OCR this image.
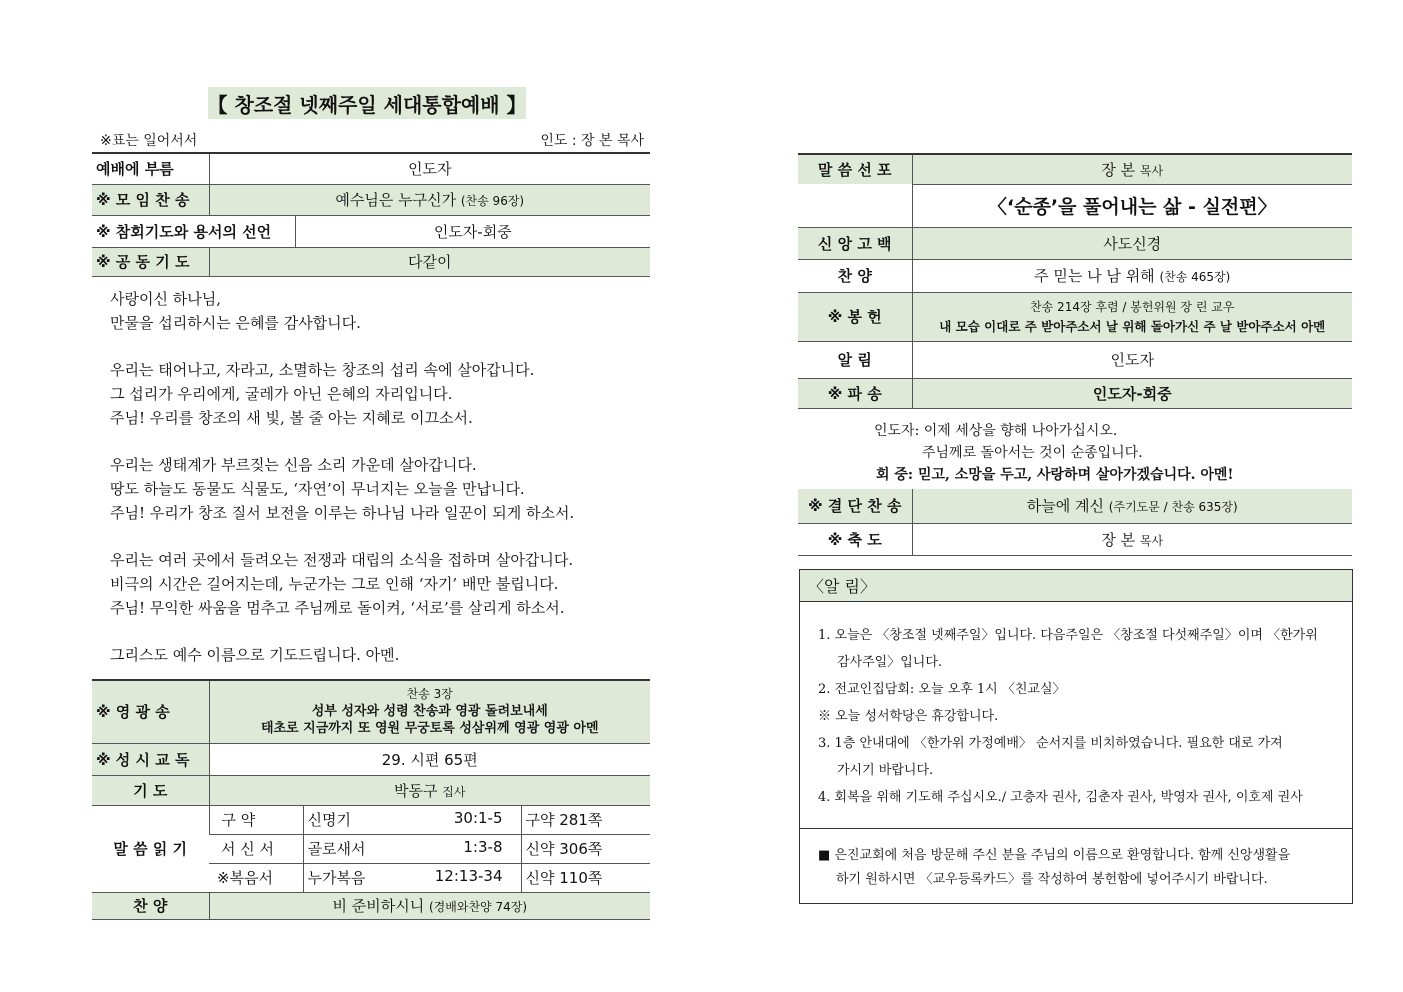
【 창조절 넷째주일 세대통합예배 】
※표는 일어서서	인도 : 장 본 목사
예배에 부름	인도자	
※ 모 임 찬 송	예수님은 누구신가 (찬송 96장)	
※ 참회기도와 용서의 선언		인도자-회중
※ 공 동 기 도	다같이	

사랑이신 하나님,

만물을 섭리하시는 은혜를 감사합니다.

우리는 태어나고, 자라고, 소멸하는 창조의 섭리 속에 살아갑니다.

그 섭리가 우리에게, 굴레가 아닌 은혜의 자리입니다.

주님! 우리를 창조의 새 빛, 볼 줄 아는 지혜로 이끄소서.

우리는 생태계가 부르짖는 신음 소리 가운데 살아갑니다.

땅도 하늘도 동물도 식물도, ‘자연’이 무너지는 오늘을 만납니다.

주님! 우리가 창조 질서 보전을 이루는 하나님 나라 일꾼이 되게 하소서.

우리는 여러 곳에서 들려오는 전쟁과 대립의 소식을 접하며 살아갑니다.

비극의 시간은 길어지는데, 누군가는 그로 인해 ‘자기’ 배만 불립니다.

주님! 무익한 싸움을 멈추고 주님께로 돌이켜, ‘서로’를 살리게 하소서.

그리스도 예수 이름으로 기도드립니다. 아멘.

※ 영 광 송	찬송 3장
성부 성자와 성령 찬송과 영광 돌려보내세
태초로 지금까지 또 영원 무궁토록 성삼위께 영광 영광 아멘		

※ 성 시 교 독	29. 시편 65편		
기 도	박동구 집사		
말 씀 읽 기	구 약	신명기 30:1-5	구약 281쪽
	서 신 서	골로새서 1:3-8	신약 306쪽
	※복음서	누가복음 12:13-34	신약 110쪽
찬 양	비 준비하시니 (경배와찬양 74장)		
말 씀 선 포	장 본 목사
	〈‘순종’을 풀어내는 삶 - 실전편〉
신 앙 고 백	사도신경
찬 양	주 믿는 나 남 위해 (찬송 465장)
※ 봉 헌	찬송 214장 후렴 / 봉헌위원 장 린 교우
내 모습 이대로 주 받아주소서 날 위해 돌아가신 주 날 받아주소서 아멘

알 림	인도자
※ 파 송	인도자-회중

인도자: 이제 세상을 향해 나아가십시오.

주님께로 돌아서는 것이 순종입니다.

회 중: 믿고, 소망을 두고, 사랑하며 살아가겠습니다. 아멘!

※ 결 단 찬 송	하늘에 계신 (주기도문 / 찬송 635장)
※ 축 도	장 본 목사
〈알 림〉
1. 오늘은 〈창조절 넷째주일〉입니다. 다음주일은 〈창조절 다섯째주일〉이며 〈한가위
감사주일〉입니다.
2. 전교인집담회: 오늘 오후 1시 〈친교실〉
※ 오늘 성서학당은 휴강합니다.
3. 1층 안내대에 〈한가위 가정예배〉 순서지를 비치하였습니다. 필요한 대로 가져
가시기 바랍니다.
4. 회복을 위해 기도해 주십시오./ 고충자 권사, 김춘자 권사, 박영자 권사, 이호제 권사

■ 은진교회에 처음 방문해 주신 분을 주님의 이름으로 환영합니다. 함께 신앙생활을

하기 원하시면 〈교우등록카드〉를 작성하여 봉헌함에 넣어주시기 바랍니다.
